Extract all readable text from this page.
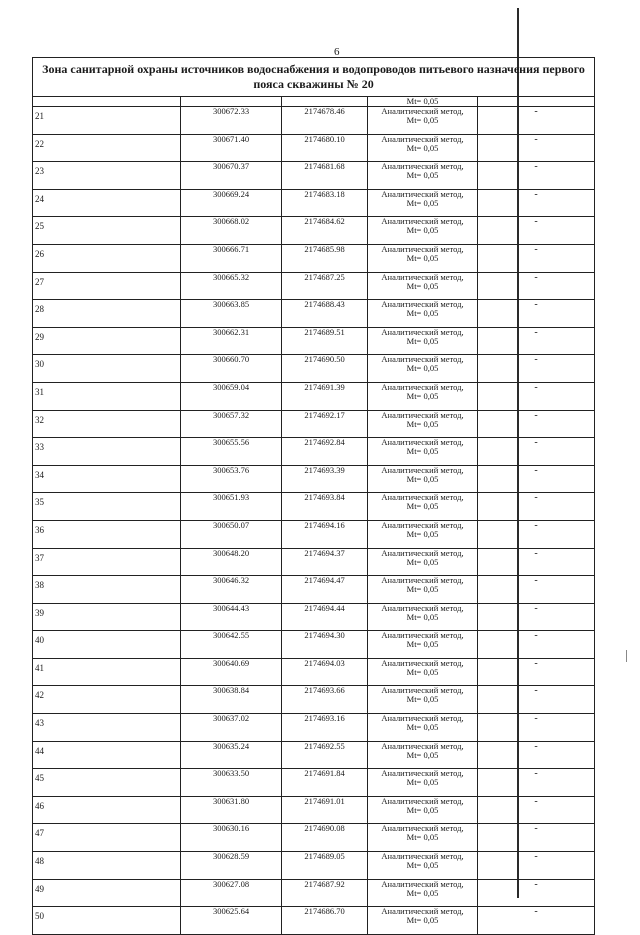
6
Зона санитарной охраны источников водоснабжения и водопроводов питьевого назначения первого пояса скважины № 20				
			Mt= 0,05	
21	300672.33	2174678.46	Аналитический метод,
Mt= 0,05	-
22	300671.40	2174680.10	Аналитический метод,
Mt= 0,05	-
23	300670.37	2174681.68	Аналитический метод,
Mt= 0,05	-
24	300669.24	2174683.18	Аналитический метод,
Mt= 0,05	-
25	300668.02	2174684.62	Аналитический метод,
Mt= 0,05	-
26	300666.71	2174685.98	Аналитический метод,
Mt= 0,05	-
27	300665.32	2174687.25	Аналитический метод,
Mt= 0,05	-
28	300663.85	2174688.43	Аналитический метод,
Mt= 0,05	-
29	300662.31	2174689.51	Аналитический метод,
Mt= 0,05	-
30	300660.70	2174690.50	Аналитический метод,
Mt= 0,05	-
31	300659.04	2174691.39	Аналитический метод,
Mt= 0,05	-
32	300657.32	2174692.17	Аналитический метод,
Mt= 0,05	-
33	300655.56	2174692.84	Аналитический метод,
Mt= 0,05	-
34	300653.76	2174693.39	Аналитический метод,
Mt= 0,05	-
35	300651.93	2174693.84	Аналитический метод,
Mt= 0,05	-
36	300650.07	2174694.16	Аналитический метод,
Mt= 0,05	-
37	300648.20	2174694.37	Аналитический метод,
Mt= 0,05	-
38	300646.32	2174694.47	Аналитический метод,
Mt= 0,05	-
39	300644.43	2174694.44	Аналитический метод,
Mt= 0,05	-
40	300642.55	2174694.30	Аналитический метод,
Mt= 0,05	-
41	300640.69	2174694.03	Аналитический метод,
Mt= 0,05	-
42	300638.84	2174693.66	Аналитический метод,
Mt= 0,05	-
43	300637.02	2174693.16	Аналитический метод,
Mt= 0,05	-
44	300635.24	2174692.55	Аналитический метод,
Mt= 0,05	-
45	300633.50	2174691.84	Аналитический метод,
Mt= 0,05	-
46	300631.80	2174691.01	Аналитический метод,
Mt= 0,05	-
47	300630.16	2174690.08	Аналитический метод,
Mt= 0,05	-
48	300628.59	2174689.05	Аналитический метод,
Mt= 0,05	-
49	300627.08	2174687.92	Аналитический метод,
Mt= 0,05	-
50	300625.64	2174686.70	Аналитический метод,
Mt= 0,05	-
